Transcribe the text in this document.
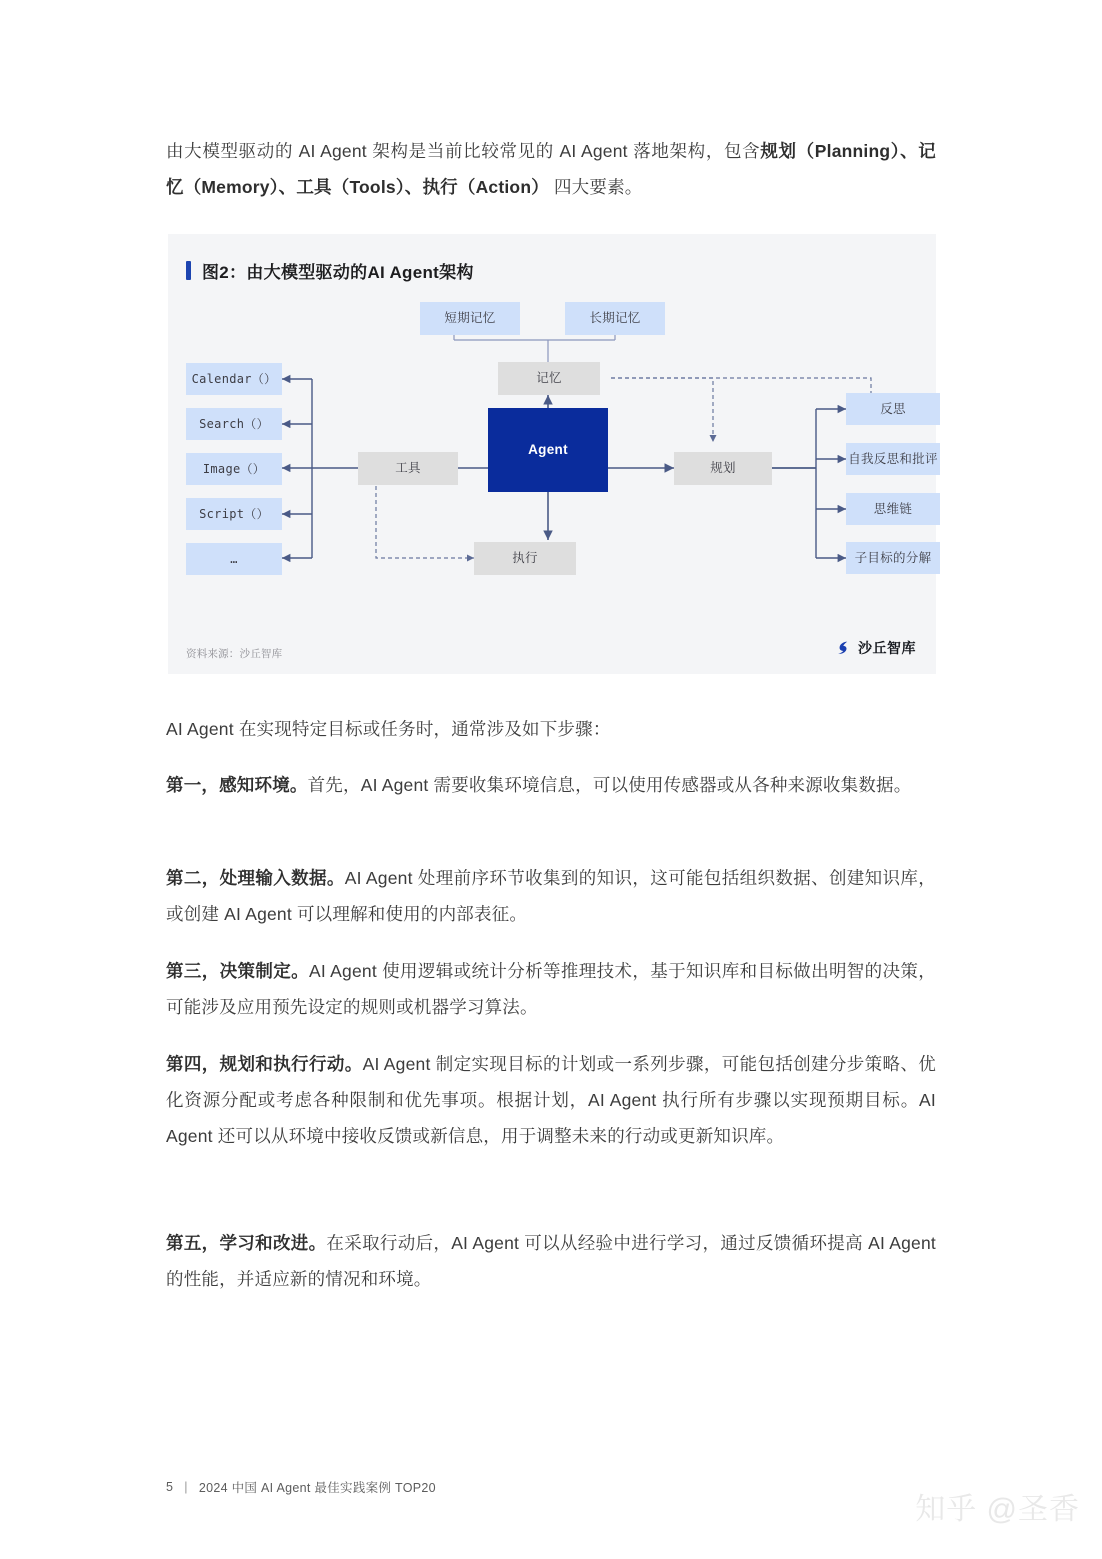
由大模型驱动的 AI Agent 架构是当前比较常见的 AI Agent 落地架构，包含规划（Planning）、记忆（Memory）、工具（Tools）、执行（Action） 四大要素。
图2：由大模型驱动的AI Agent架构
短期记忆	长期记忆
记忆
Agent
工具
执行
规划
Calendar（）
Search（）
Image（）
Script（）
…
反思
自我反思和批评
思维链
子目标的分解
资料来源：沙丘智库	沙丘智库
AI Agent 在实现特定目标或任务时，通常涉及如下步骤：
第一，感知环境。首先，AI Agent 需要收集环境信息，可以使用传感器或从各种来源收集数据。
第二，处理输入数据。AI Agent 处理前序环节收集到的知识，这可能包括组织数据、创建知识库，或创建 AI Agent 可以理解和使用的内部表征。
第三，决策制定。AI Agent 使用逻辑或统计分析等推理技术，基于知识库和目标做出明智的决策，可能涉及应用预先设定的规则或机器学习算法。
第四，规划和执行行动。AI Agent 制定实现目标的计划或一系列步骤，可能包括创建分步策略、优化资源分配或考虑各种限制和优先事项。根据计划，AI Agent 执行所有步骤以实现预期目标。AI Agent 还可以从环境中接收反馈或新信息，用于调整未来的行动或更新知识库。
第五，学习和改进。在采取行动后，AI Agent 可以从经验中进行学习，通过反馈循环提高 AI Agent 的性能，并适应新的情况和环境。
5 | 2024 中国 AI Agent 最佳实践案例 TOP20
知乎 @圣香
